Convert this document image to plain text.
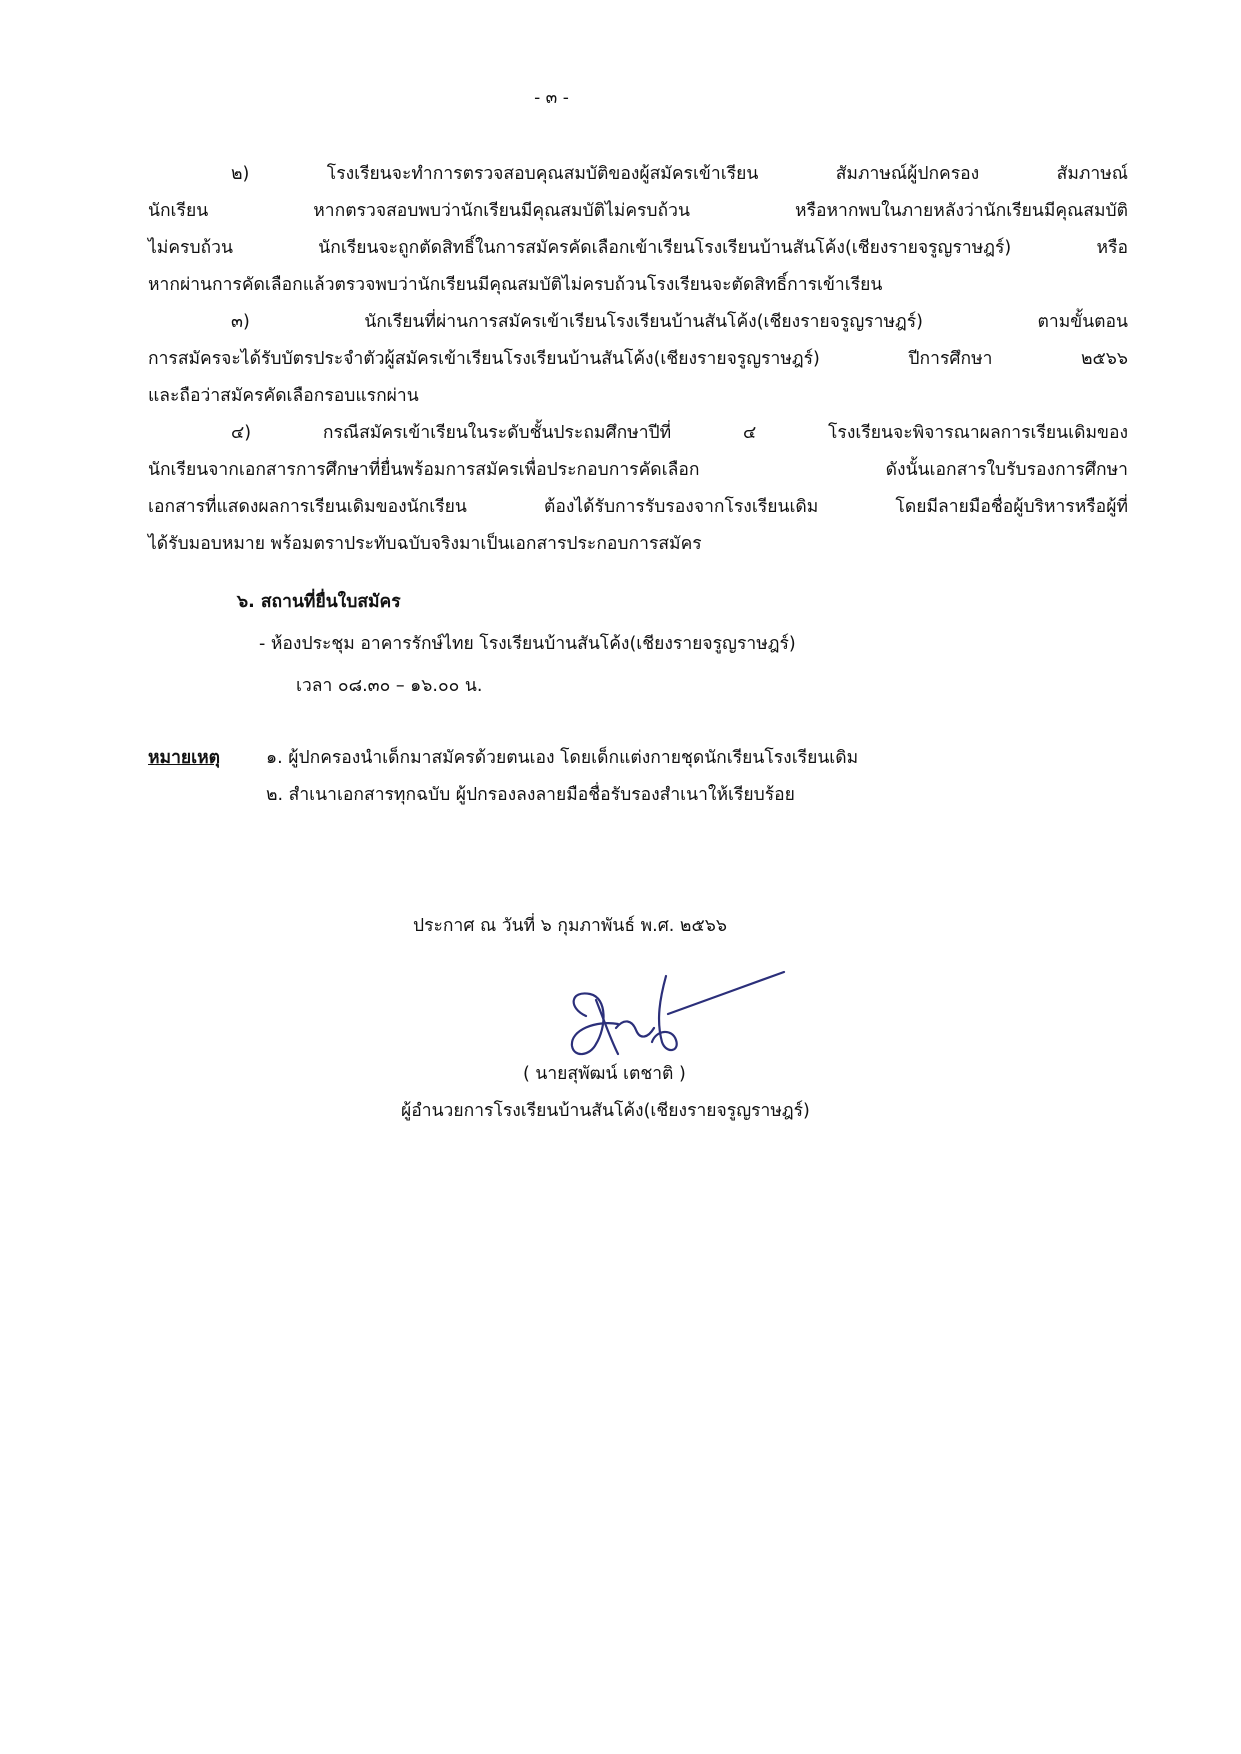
- ๓ -
๒) โรงเรียนจะทำการตรวจสอบคุณสมบัติของผู้สมัครเข้าเรียน สัมภาษณ์ผู้ปกครอง สัมภาษณ์
นักเรียน หากตรวจสอบพบว่านักเรียนมีคุณสมบัติไม่ครบถ้วน หรือหากพบในภายหลังว่านักเรียนมีคุณสมบัติ
ไม่ครบถ้วน นักเรียนจะถูกตัดสิทธิ์ในการสมัครคัดเลือกเข้าเรียนโรงเรียนบ้านสันโค้ง(เชียงรายจรูญราษฎร์) หรือ
หากผ่านการคัดเลือกแล้วตรวจพบว่านักเรียนมีคุณสมบัติไม่ครบถ้วนโรงเรียนจะตัดสิทธิ์การเข้าเรียน
๓) นักเรียนที่ผ่านการสมัครเข้าเรียนโรงเรียนบ้านสันโค้ง(เชียงรายจรูญราษฎร์) ตามขั้นตอน
การสมัครจะได้รับบัตรประจำตัวผู้สมัครเข้าเรียนโรงเรียนบ้านสันโค้ง(เชียงรายจรูญราษฎร์) ปีการศึกษา ๒๕๖๖
และถือว่าสมัครคัดเลือกรอบแรกผ่าน
๔) กรณีสมัครเข้าเรียนในระดับชั้นประถมศึกษาปีที่ ๔ โรงเรียนจะพิจารณาผลการเรียนเดิมของ
นักเรียนจากเอกสารการศึกษาที่ยื่นพร้อมการสมัครเพื่อประกอบการคัดเลือก ดังนั้นเอกสารใบรับรองการศึกษา
เอกสารที่แสดงผลการเรียนเดิมของนักเรียน ต้องได้รับการรับรองจากโรงเรียนเดิม โดยมีลายมือชื่อผู้บริหารหรือผู้ที่
ได้รับมอบหมาย พร้อมตราประทับฉบับจริงมาเป็นเอกสารประกอบการสมัคร
๖. สถานที่ยื่นใบสมัคร
- ห้องประชุม อาคารรักษ์ไทย โรงเรียนบ้านสันโค้ง(เชียงรายจรูญราษฎร์)
เวลา ๐๘.๓๐ – ๑๖.๐๐ น.
หมายเหตุ	๑. ผู้ปกครองนำเด็กมาสมัครด้วยตนเอง โดยเด็กแต่งกายชุดนักเรียนโรงเรียนเดิม
๒. สำเนาเอกสารทุกฉบับ ผู้ปกรองลงลายมือชื่อรับรองสำเนาให้เรียบร้อย
ประกาศ ณ วันที่ ๖ กุมภาพันธ์ พ.ศ. ๒๕๖๖
( นายสุพัฒน์ เตชาติ )
ผู้อำนวยการโรงเรียนบ้านสันโค้ง(เชียงรายจรูญราษฎร์)
